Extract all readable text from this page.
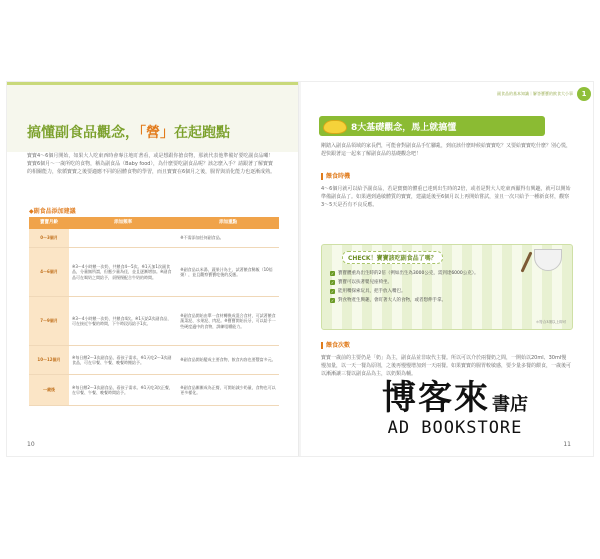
搞懂副食品觀念，「營」在起跑點
寶寶4～6個月開始，如果大人吃東西時會專注地盯著看，或是想跟你搶食物，那就代表他準備好要吃副食品囉！寶寶6個月～一歲所吃的食物，稱為副食品（Baby food），為什麼要吃副食品呢？該怎麼入手？請跟著了解寶寶的相關能力，依循寶寶之後要適應不同的固體食物的學習，而且寶寶在6個月之後，腸胃與消化能力也逐漸成熟。
◆副食品添加建議
寶寶月齡	添加頻率	添加重點
0～3個月		※不需添加任何副食品。
4～6個月	※3～4小時餵一次奶，共餵食4～5次。※1天加1次副食品，分量無所謂，但應少量為佳，並且逐漸增加。※副食品可在喝奶之間給予，須慢慢配合牛奶的時間。	※副食品以米湯、蔬果汁為主，試著餵食稀飯（10倍粥），並且觀察寶寶吃後的反應。
7～9個月	※3～4小時餵一次奶，共餵食4次。※1天給2次副食品，可在接近午餐的時間，下午時段再給予1次。	※副食品開始由單一食材轉換成混合食材，可試著餵食蔬菜泥、水果泥、肉泥。※寶寶開始長牙，可以給予一些硬度適中的食物，訓練咀嚼能力。
10～12個月	※每日餵2～3次副食品，看孩子需求。※1天吃2～3次副食品，可在早餐、午餐、晚餐時餵給予。	※副食品開始變成主要食物，飲食內容也要豐富多元。
一歲後	※每日餵2～3次副食品，看孩子需求。※1天吃3次正餐，在早餐、午餐、晚餐時間給予。	※副食品漸漸成為正餐，可開始減少奶量，食物也可以更多樣化。
10
副食品的基本知識｜解答寶寶的飲食大小事	1
8大基礎觀念，馬上就搞懂
剛踏入副食品領域的家長們，可能會對副食品手忙腳亂，到底該什麼時候給寶寶吃？又要給寶寶吃什麼？別心慌，趕快跟著這一起來了解副食品的基礎觀念吧！
餵食時機
4～6個月就可以給予副食品，若是寶寶的體重已達到出生時的2倍，或者是對大人吃東西顯得有興趣，就可以開始準備副食品了。如果遇到過敏體質的寶寶，建議延後至6個月以上再開始嘗試，並且一次只給予一種新食材，觀察3～5天是否有不良反應。
CHECK！寶寶該吃副食品了嗎？
✓ 寶寶體重為出生時的2倍（例如出生為3000公克，需到達6000公克）。
✓ 寶寶可以扶著嬰兒座椅坐。
✓ 能用嘴探索玩具，把手放入嘴巴。
✓ 對食物產生興趣，會盯著大人的食物，或者想伸手拿。
＊符合3項以上即可
餵食次數
寶寶一歲前的主要仍是「奶」為主，副食品並非取代主餐。所以可以介於兩餐奶之間，一開始以20ml、30ml慢慢加量，以一天一餐為原則，之後再慢慢增加到一天兩餐。如果寶寶的腸胃較敏感，要少量多餐的餵食，一歲後可以漸漸讓三餐以副食品為主，以奶類為輔。
11
博客來 書店
AD BOOKSTORE
